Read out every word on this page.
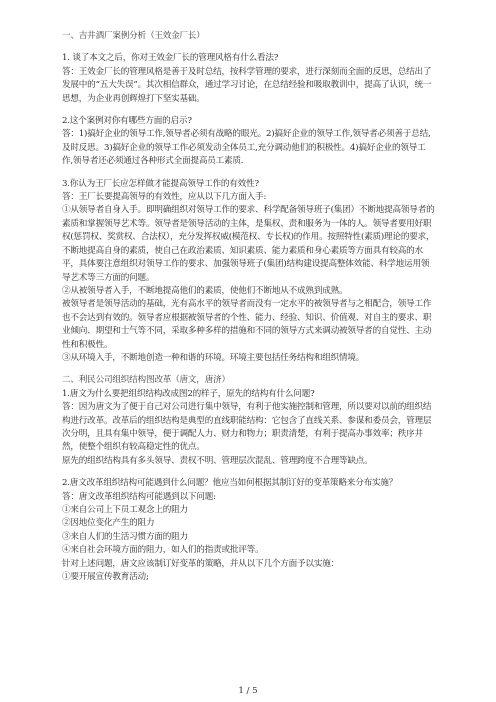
一、吉井酒厂案例分析（王效金厂长）

1. 谈了本文之后，你对王效金厂长的管理风格有什么看法?

答：王效金厂长的管理风格是善于及时总结，按科学管理的要求，进行深刻而全面的反思，总结出了发展中的“五大失误”。其次相信群众，通过学习讨论，在总结经验和吸取教训中，提高了认识，统一思想，为企业再创辉煌打下坚实基础。

2.这个案例对你有哪些方面的启示?

答：1)搞好企业的领导工作,领导者必须有战略的眼光。2)搞好企业的领导工作,领导者必须善于总结,及时反思。3)搞好企业的领导工作必须发动全体员工,充分调动他们的积极性。4)搞好企业的领导工作,领导者还必须通过各种形式全面提高员工素质.

3.你认为王厂长应怎样做才能提高领导工作的有效性?

答：王厂长要提高领导的有效性，应从以下几方面入手:

①从领导者自身入手。即明确组织对领导工作的要求、科学配备领导班子(集团）不断地提高领导者的素质和掌握领导艺术等。领导者是领导活动的主体，是集权、责和服务为一体的人。领导者要用好职权(惩罚权、奖赏权、合法权），充分发挥权威(模范权、专长权)的作用。按照特性(素质)理论的要求，不断地提高自身的素质，使自己在政治素质、知识素质、能力素质和身心素质等方面具有较高的水平，具体要注意组织对领导工作的要求、加强领导班子(集团)结构建设提高整体效能、科学地运用领导艺术等三方面的问题。

②从被领导者入手，不断地提高他们的素质，使他们不断地从不成熟到成熟。

被领导者是领导活动的基础，光有高水平的领导者而没有一定水平的被领导者与之相配合，领导工作也不会达到有效的。领导者应根据被领导者的个性、能力、经验、知识、价值观、对自主的要求、职业倾向、期望和士气等不同，采取多种多样的措施和不同的领导方式来调动被领导者的自觉性、主动性和积极性。

③从环境入手，不断地创造一种和谐的环境。环境主要包括任务结构和组织情境。

二、利民公司组织结构图改革（唐文，唐济）

1.唐文为什么要把组织结构改成图2的样子，原先的结构有什么问题?

答：因为唐文为了便于自己对公司进行集中领导，有利于他实施控制和管理，所以要对以前的组织结构进行改革。改革后的组织结构是典型的直线职能结构：它包含了直线关系、参谋和委员会，管理层次分明，且具有集中领导，便于调配人力、财力和物力；职责清楚，有利于提高办事效率；秩序井然，使整个组织有较高稳定性的优点。

原先的组织结构具有多头领导、责权不明、管理层次混乱、管理跨度不合理等缺点。

2.唐文改革组织结构可能遇到什么问题？他应当如何根据其制订好的变革策略来分布实施？

答：唐文改革组织结构可能遇到以下问题:

①来自公司上下员工观念上的阻力

②因地位变化产生的阻力

③来自人们的生活习惯方面的阻力

④来自社会环境方面的阻力，如人们的指责或批评等。

针对上述问题，唐文应该制订好变革的策略，并从以下几个方面予以实施：

①要开展宣传教育活动;

1 / 5
